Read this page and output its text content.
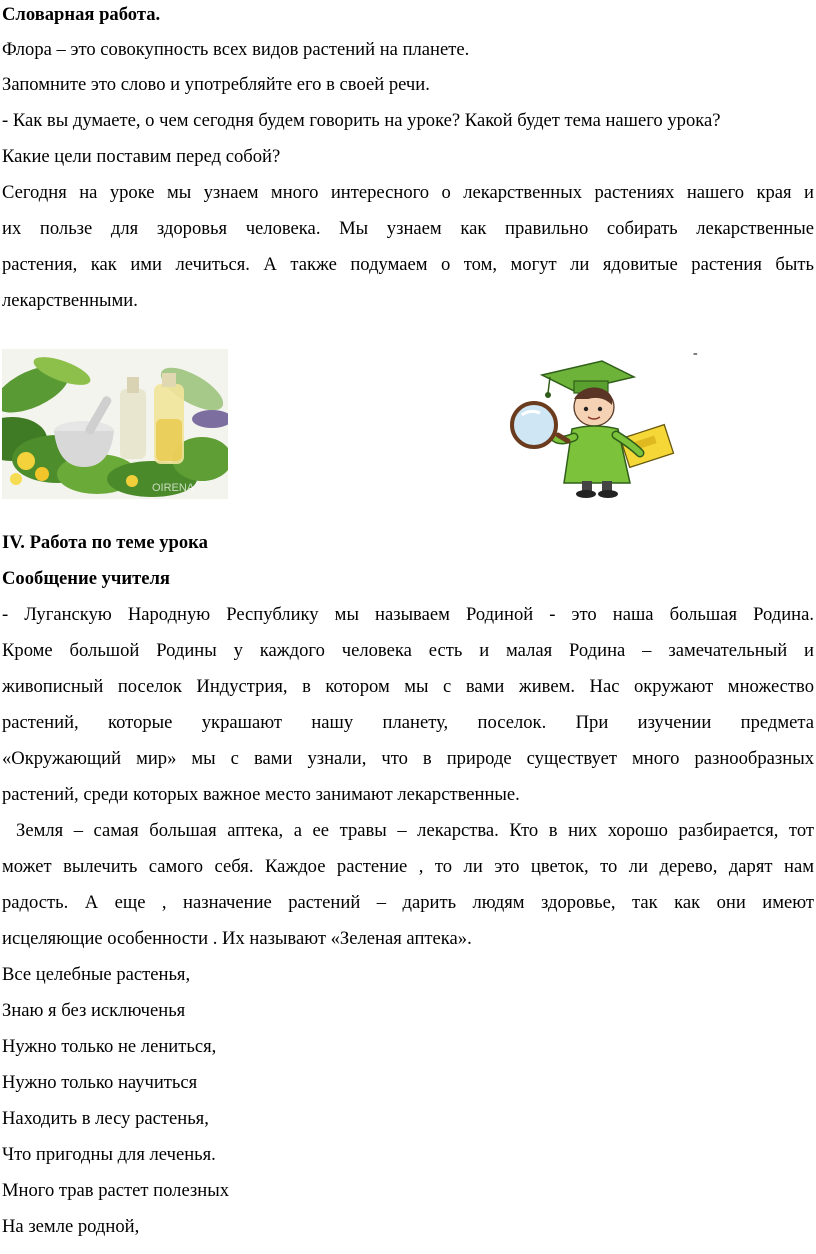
Словарная работа.
Флора – это совокупность всех видов растений на планете.
Запомните это слово и употребляйте его в своей речи.
- Как вы думаете, о чем сегодня будем говорить на уроке? Какой будет тема нашего урока?
Какие цели поставим перед собой?
Сегодня на уроке мы узнаем много интересного о лекарственных растениях нашего края и
их пользе для здоровья человека. Мы узнаем как правильно собирать лекарственные
растения, как ими лечиться. А также подумаем о том, могут ли ядовитые растения быть
лекарственными.
OIRENA
-
IV. Работа по теме урока
Сообщение учителя
- Луганскую Народную Республику мы называем Родиной - это наша большая Родина.
Кроме большой Родины у каждого человека есть и малая Родина – замечательный и
живописный поселок Индустрия, в котором мы с вами живем. Нас окружают множество
растений, которые украшают нашу планету, поселок. При изучении предмета
«Окружающий мир» мы с вами узнали, что в природе существует много разнообразных
растений, среди которых важное место занимают лекарственные.
Земля – самая большая аптека, а ее травы – лекарства. Кто в них хорошо разбирается, тот
может вылечить самого себя. Каждое растение , то ли это цветок, то ли дерево, дарят нам
радость. А еще , назначение растений – дарить людям здоровье, так как они имеют
исцеляющие особенности . Их называют «Зеленая аптека».
Все целебные растенья,
Знаю я без исключенья
Нужно только не лениться,
Нужно только научиться
Находить в лесу растенья,
Что пригодны для леченья.
Много трав растет полезных
На земле родной,
